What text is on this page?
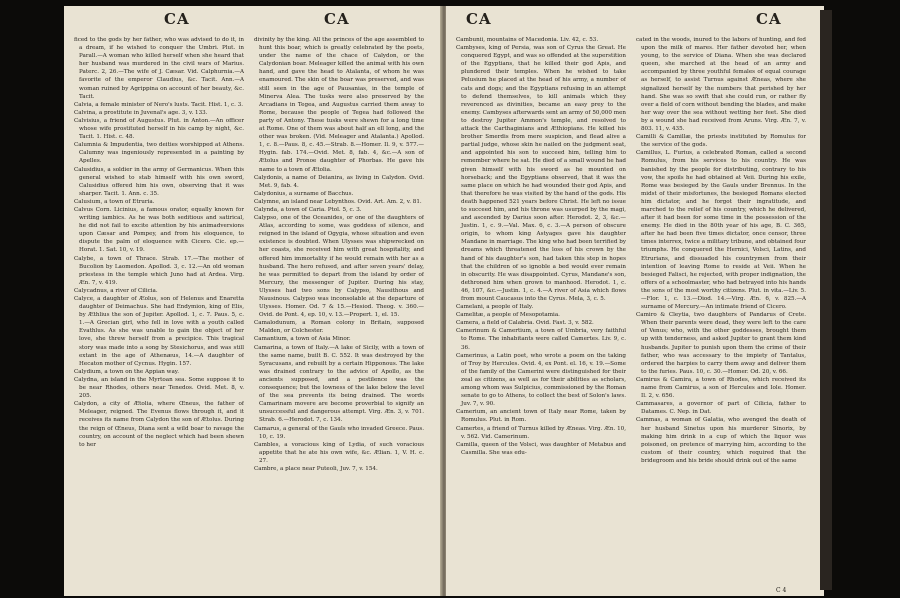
CA	CA

ficed to the gods by her father, who was advised to do it, in a dream, if he wished to conquer the Umbri. Plut. in Parall.—A woman who killed herself when she heard that her husband was murdered in the civil wars of Marius. Paterc. 2, 26.—The wife of J. Cæsar. Vid. Calphurnia.—A favorite of the emperor Claudius, &c. Tacit. Ann.—A woman ruined by Agrippina on account of her beauty, &c. Tacit.

Calvia, a female minister of Nero's lusts. Tacit. Hist. 1, c. 3.

Calvina, a prostitute in Juvenal's age. 3, v. 133.

Calvisius, a friend of Augustus. Plut. in Anton.—An officer whose wife prostituted herself in his camp by night, &c. Tacit. 1. Hist. c. 48.

Calumnia & Impudentia, two deities worshipped at Athens. Calumny was ingeniously represented in a painting by Apelles.

Calusidius, a soldier in the army of Germanicus. When this general wished to stab himself with his own sword, Calusidius offered him his own, observing that it was sharper. Tacit. 1. Ann. c. 35.

Calusium, a town of Etruria.

Calvus Corn. Licinius, a famous orator, equally known for writing iambics. As he was both seditious and satirical, he did not fail to excite attention by his animadversions upon Cæsar and Pompey, and from his eloquence, to dispute the palm of eloquence with Cicero. Cic. ep.—Horat. 1. Sat. 10, v. 19.

Calybe, a town of Thrace. Strab. 17.—The mother of Bucolion by Laomedon. Apollod. 3, c. 12.—An old woman priestess in the temple which Juno had at Ardea. Virg. Æn. 7, v. 419.

Calycadnus, a river of Cilicia.

Calyce, a daughter of Æolus, son of Helenus and Enaretta daughter of Deimachus. She had Endymion, king of Elis, by Æthlius the son of Jupiter. Apollod. 1, c. 7. Paus. 5, c. 1.—A Grecian girl, who fell in love with a youth called Evathlus. As she was unable to gain the object of her love, she threw herself from a precipice. This tragical story was made into a song by Stesichorus, and was still extant in the age of Athenæus, 14.—A daughter of Hecaton mother of Cycnus. Hygin. 157.

Calydium, a town on the Appian way.

Calydna, an island in the Myrtoan sea. Some suppose it to be near Rhodes, others near Tenedos. Ovid. Met. 8, v. 205.

Calydon, a city of Ætolia, where Œneus, the father of Meleager, reigned. The Evenus flows through it, and it receives its name from Calydon the son of Ætolus. During the reign of Œneus, Diana sent a wild boar to ravage the country, on account of the neglect which had been shewn to her

divinity by the king. All the princes of the age assembled to hunt this boar, which is greatly celebrated by the poets, under the name of the chace of Calydon, or the Calydonian boar. Meleager killed the animal with his own hand, and gave the head to Atalanta, of whom he was enamoured. The skin of the boar was preserved, and was still seen in the age of Pausanias, in the temple of Minerva Alea. The tusks were also preserved by the Arcadians in Tegea, and Augustus carried them away to Rome, because the people of Tegea had followed the party of Antony. These tusks were shewn for a long time at Rome. One of them was about half an ell long, and the other was broken. (Vid. Meleager and Atalanta.) Apollod. 1, c. 8.—Paus. 8, c. 45.—Strab. 8.—Homer. Il. 9, v. 577.—Hygin. fab. 174.—Ovid. Met. 8, fab. 4, &c.—A son of Ætolus and Pronoe daughter of Phorbas. He gave his name to a town of Ætolia.

Calydonis, a name of Deianira, as living in Calydon. Ovid. Met. 9, fab. 4.

Calydonius, a surname of Bacchus.

Calymne, an island near Lebynthos. Ovid. Art. Am. 2, v. 81.

Calynda, a town of Caria. Ptol. 5, c. 3.

Calypso, one of the Oceanides, or one of the daughters of Atlas, according to some, was goddess of silence, and reigned in the island of Ogygia, whose situation and even existence is doubted. When Ulysses was shipwrecked on her coasts, she received him with great hospitality, and offered him immortality if he would remain with her as a husband. The hero refused, and after seven years' delay, he was permitted to depart from the island by order of Mercury, the messenger of Jupiter. During his stay, Ulysses had two sons by Calypso, Nausithous and Nausinous. Calypso was inconsolable at the departure of Ulysses. Homer. Od. 7 & 15.—Hesiod. Theog. v. 360.—Ovid. de Pont. 4, ep. 10, v. 13.—Propert. 1, el. 15.

Camalodunum, a Roman colony in Britain, supposed Malden, or Colchester.

Camantium, a town of Asia Minor.

Camarina, a town of Italy.—A lake of Sicily, with a town of the same name, built B. C. 552. It was destroyed by the Syracusans, and rebuilt by a certain Hipponous. The lake was drained contrary to the advice of Apollo, as the ancients supposed, and a pestilence was the consequence; but the lowness of the lake below the level of the sea prevents its being drained. The words Camarinam movere are become proverbial to signify an unsuccessful and dangerous attempt. Virg. Æn. 3, v. 701. Strab. 6.—Herodot. 7, c. 134.

Camarus, a general of the Gauls who invaded Greece. Paus. 10, c. 19.

Cambles, a voracious king of Lydia, of such voracious appetite that he ate his own wife, &c. Ælian. 1, V. H. c. 27.

Cambre, a place near Puteoli, Juv. 7, v. 154.

CA	CA

Cambunii, mountains of Macedonia. Liv. 42, c. 53.

Cambyses, king of Persia, was son of Cyrus the Great. He conquered Egypt, and was so offended at the superstition of the Egyptians, that he killed their god Apis, and plundered their temples. When he wished to take Pelusium he placed at the head of his army, a number of cats and dogs; and the Egyptians refusing in an attempt to defend themselves, to kill animals which they reverenced as divinities, became an easy prey to the enemy. Cambyses afterwards sent an army of 50,000 men to destroy Jupiter Ammon's temple, and resolved to attack the Carthaginians and Æthiopians. He killed his brother Smerdis from mere suspicion, and flead alive a partial judge, whose skin he nailed on the judgment seat, and appointed his son to succeed him, telling him to remember where he sat. He died of a small wound he had given himself with his sword as he mounted on horseback; and the Egyptians observed, that it was the same place on which he had wounded their god Apis, and that therefore he was visited by the hand of the gods. His death happened 521 years before Christ. He left no issue to succeed him, and his throne was usurped by the magi, and ascended by Darius soon after. Herodot. 2, 3, &c.—Justin. 1, c. 9.—Val. Max. 6, c. 3.—A person of obscure origin, to whom king Astyages gave his daughter Mandane in marriage. The king who had been terrified by dreams which threatened the loss of his crown by the hand of his daughter's son, had taken this step in hopes that the children of so ignoble a bed would ever remain in obscurity. He was disappointed. Cyrus, Mandane's son, dethroned him when grown to manhood. Herodot. 1, c. 46, 107, &c.—Justin. 1, c. 4.—A river of Asia which flows from mount Caucasus into the Cyrus. Mela, 3, c. 5.

Camelani, a people of Italy.

Camelitæ, a people of Mesopotamia.

Camera, a field of Calabria. Ovid. Fast. 3, v. 582.

Camerinum & Camertium, a town of Umbria, very faithful to Rome. The inhabitants were called Camertes. Liv. 9, c. 36.

Camerinus, a Latin poet, who wrote a poem on the taking of Troy by Hercules. Ovid. 4, ex Pont. el. 16, v. 19.—Some of the family of the Camerini were distinguished for their zeal as citizens, as well as for their abilities as scholars, among whom was Sulpicius, commissioned by the Roman senate to go to Athens, to collect the best of Solon's laws. Juv. 7, v. 90.

Camerium, an ancient town of Italy near Rome, taken by Romulus. Plut. in Rom.

Camertes, a friend of Turnus killed by Æneas. Virg. Æn. 10, v. 562. Vid. Camerinum.

Camilla, queen of the Volsci, was daughter of Metabus and Casmilla. She was edu-

cated in the woods, inured to the labors of hunting, and fed upon the milk of mares. Her father devoted her, when young, to the service of Diana. When she was declared queen, she marched at the head of an army and accompanied by three youthful females of equal courage as herself, to assist Turnus against Æneas, where she signalized herself by the numbers that perished by her hand. She was so swift that she could run, or rather fly over a field of corn without bending the blades, and make her way over the sea without wetting her feet. She died by a wound she had received from Aruns. Virg. Æn. 7, v. 803. 11, v. 435.

Camilli & Camillæ, the priests instituted by Romulus for the service of the gods.

Camillus, L. Furius, a celebrated Roman, called a second Romulus, from his services to his country. He was banished by the people for distributing, contrary to his vow, the spoils he had obtained at Veii. During his exile, Rome was besieged by the Gauls under Brennus. In the midst of their misfortunes, the besieged Romans elected him dictator, and he forgot their ingratitude, and marched to the relief of his country, which he delivered, after it had been for some time in the possession of the enemy. He died in the 80th year of his age, B. C. 365, after he had been five times dictator, once censor, three times interrex, twice a military tribune, and obtained four triumphs. He conquered the Hernici, Volsci, Latins, and Etrurians, and dissuaded his countrymen from their intention of leaving Rome to reside at Veii. When he besieged Falisci, he rejected, with proper indignation, the offers of a schoolmaster, who had betrayed into his hands the sons of the most worthy citizens. Plut. in vita.—Liv. 5.—Flor. 1, c. 13.—Diod. 14.—Virg. Æn. 6, v. 825.—A surname of Mercury.—An intimate friend of Cicero.

Camiro & Cleytia, two daughters of Pandarus of Crete. When their parents were dead, they were left to the care of Venus; who, with the other goddesses, brought them up with tenderness, and asked Jupiter to grant them kind husbands. Jupiter to punish upon them the crime of their father, who was accessary to the impiety of Tantalus, ordered the harpies to carry them away and deliver them to the furies. Paus. 10, c. 30.—Homer. Od. 20, v. 66.

Camirus & Camira, a town of Rhodes, which received its name from Camirus, a son of Hercules and Iole. Homer. Il. 2, v. 656.

Cammasares, a governor of part of Cilicia, father to Datames. C. Nep. in Dat.

Cammas, a woman of Galatia, who avenged the death of her husband Sinetus upon his murderer Sinorix, by making him drink in a cup of which the liquor was poisoned, on pretence of marrying him, according to the custom of their country, which required that the bridegroom and his bride should drink out of the same

C 4
